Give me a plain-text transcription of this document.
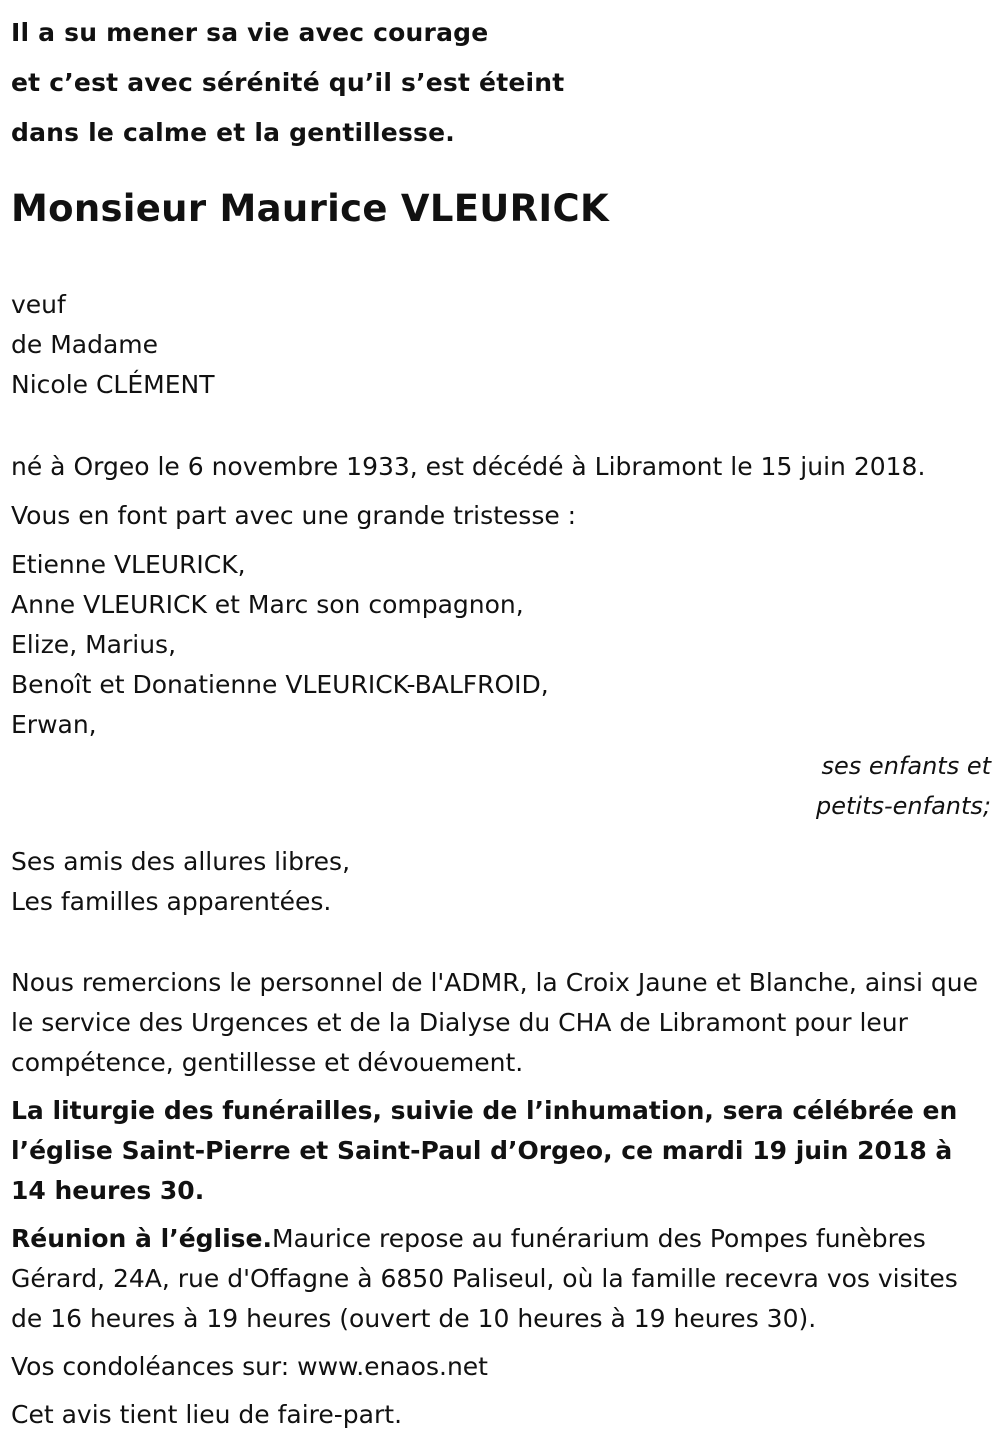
Il a su mener sa vie avec courage
et c’est avec sérénité qu’il s’est éteint
dans le calme et la gentillesse.
Monsieur Maurice VLEURICK
veuf
de Madame
Nicole CLÉMENT
né à Orgeo le 6 novembre 1933, est décédé à Libramont le 15 juin 2018.
Vous en font part avec une grande tristesse :
Etienne VLEURICK,
Anne VLEURICK et Marc son compagnon,
Elize, Marius,
Benoît et Donatienne VLEURICK-BALFROID,
Erwan,
ses enfants et
petits-enfants;
Ses amis des allures libres,
Les familles apparentées.
Nous remercions le personnel de l'ADMR, la Croix Jaune et Blanche, ainsi que le service des Urgences et de la Dialyse du CHA de Libramont pour leur compétence, gentillesse et dévouement.
La liturgie des funérailles, suivie de l’inhumation, sera célébrée en l’église Saint-Pierre et Saint-Paul d’Orgeo, ce mardi 19 juin 2018 à 14 heures 30.
Réunion à l’église.Maurice repose au funérarium des Pompes funèbres Gérard, 24A, rue d'Offagne à 6850 Paliseul, où la famille recevra vos visites de 16 heures à 19 heures (ouvert de 10 heures à 19 heures 30).
Vos condoléances sur: www.enaos.net
Cet avis tient lieu de faire-part.
